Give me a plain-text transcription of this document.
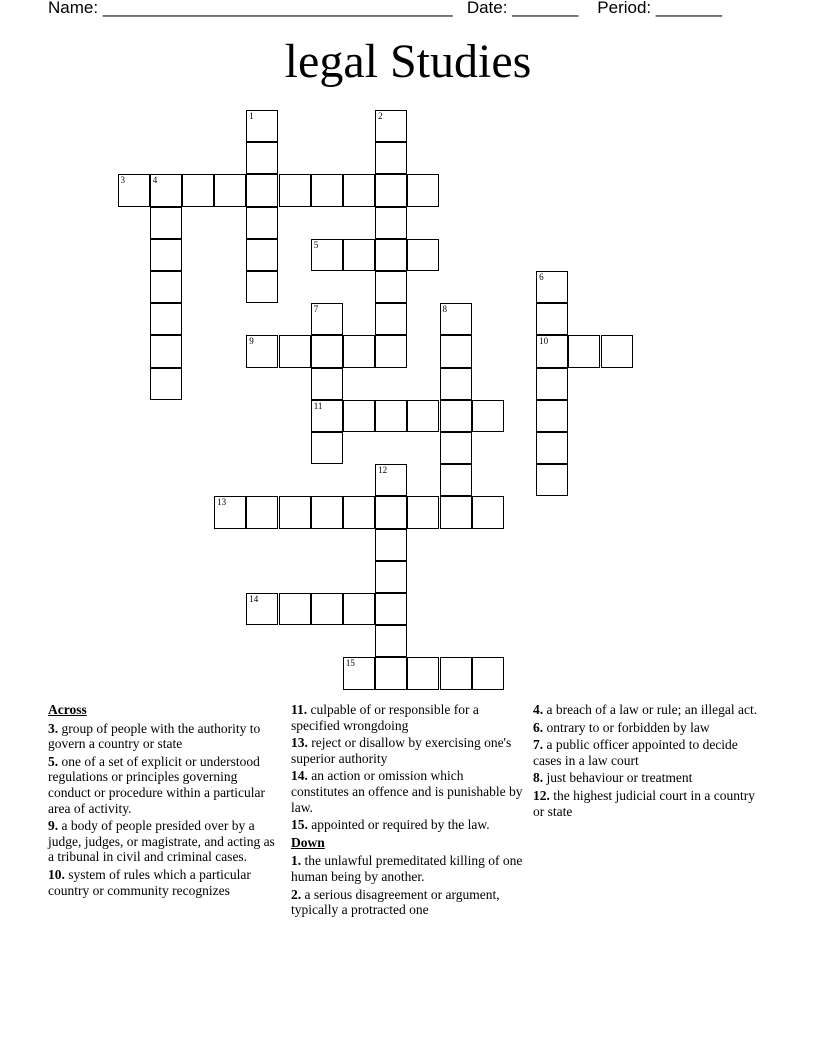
Name: _____________________________________ Date: _______ Period: _______
legal Studies
1	2
3	4
5
6
10
7
11
8
9
12
13
14
15
Across
3. group of people with the authority to govern a country or state
5. one of a set of explicit or understood regulations or principles governing conduct or procedure within a particular area of activity.
9. a body of people presided over by a judge, judges, or magistrate, and acting as a tribunal in civil and criminal cases.
10. system of rules which a particular country or community recognizes
11. culpable of or responsible for a specified wrongdoing
13. reject or disallow by exercising one's superior authority
14. an action or omission which constitutes an offence and is punishable by law.
15. appointed or required by the law.
Down
1. the unlawful premeditated killing of one human being by another.
2. a serious disagreement or argument, typically a protracted one
4. a breach of a law or rule; an illegal act.
6. ontrary to or forbidden by law
7. a public officer appointed to decide cases in a law court
8. just behaviour or treatment
12. the highest judicial court in a country or state
